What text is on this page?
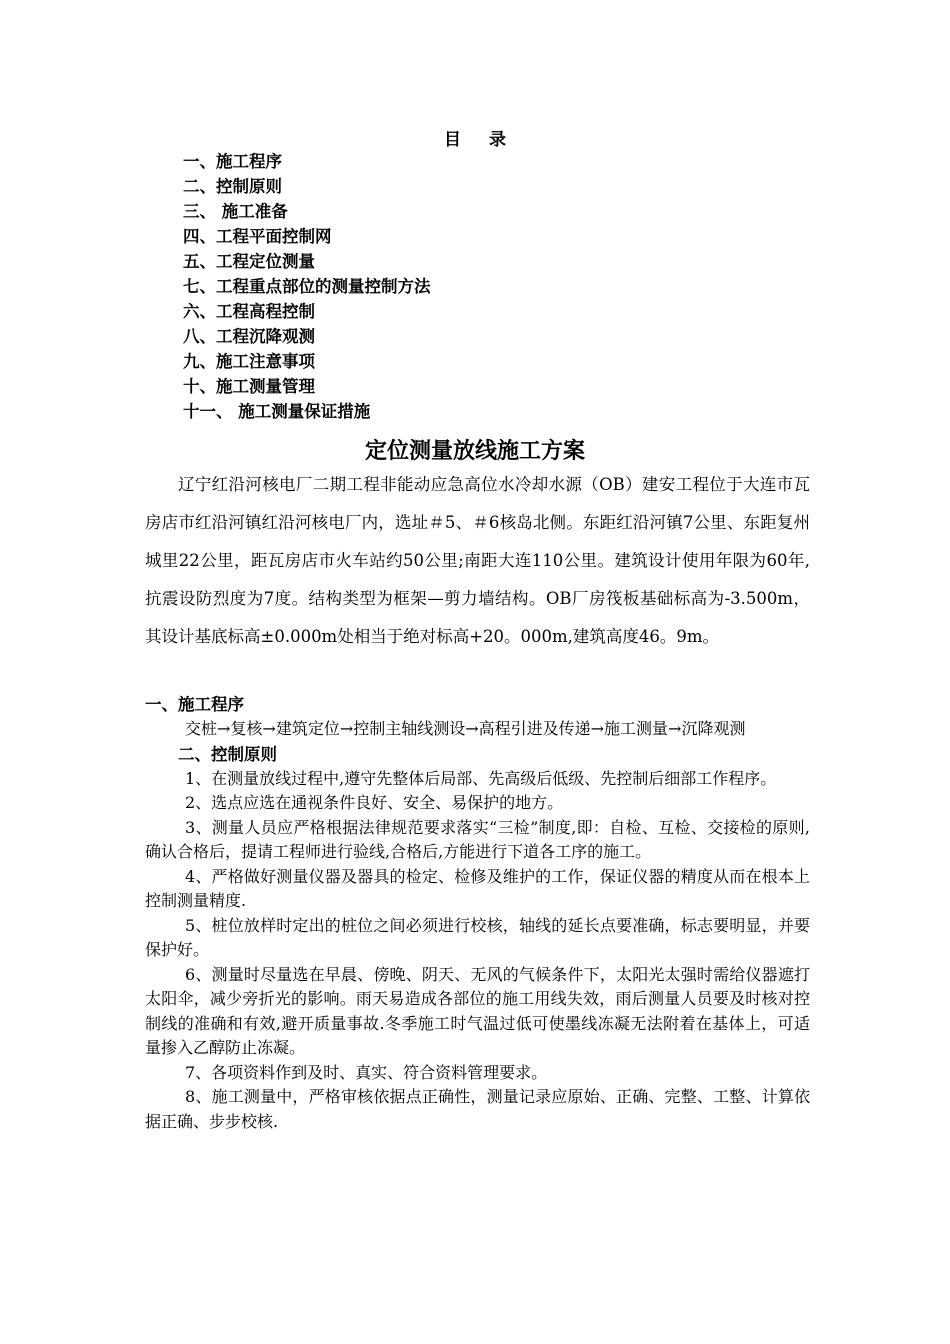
目 录
一、施工程序
二、控制原则
三、 施工准备
四、工程平面控制网
五、工程定位测量
七、工程重点部位的测量控制方法
六、工程高程控制
八、工程沉降观测
九、施工注意事项
十、施工测量管理
十一、 施工测量保证措施
定位测量放线施工方案

辽宁红沿河核电厂二期工程非能动应急高位水冷却水源（OB）建安工程位于大连市瓦房店市红沿河镇红沿河核电厂内，选址＃5、＃6核岛北侧。东距红沿河镇7公里、东距复州城里22公里，距瓦房店市火车站约50公里;南距大连110公里。建筑设计使用年限为60年,抗震设防烈度为7度。结构类型为框架—剪力墙结构。OB厂房筏板基础标高为-3.500m，其设计基底标高±0.000m处相当于绝对标高+20。000m,建筑高度46。9m。

一、施工程序

交桩→复核→建筑定位→控制主轴线测设→高程引进及传递→施工测量→沉降观测

二、控制原则

1、在测量放线过程中,遵守先整体后局部、先高级后低级、先控制后细部工作程序。

2、选点应选在通视条件良好、安全、易保护的地方。

3、测量人员应严格根据法律规范要求落实“三检”制度,即：自检、互检、交接检的原则,确认合格后，提请工程师进行验线,合格后,方能进行下道各工序的施工。

4、严格做好测量仪器及器具的检定、检修及维护的工作，保证仪器的精度从而在根本上控制测量精度.

5、桩位放样时定出的桩位之间必须进行校核，轴线的延长点要准确，标志要明显，并要保护好。

6、测量时尽量选在早晨、傍晚、阴天、无风的气候条件下，太阳光太强时需给仪器遮打太阳伞，减少旁折光的影响。雨天易造成各部位的施工用线失效，雨后测量人员要及时核对控制线的准确和有效,避开质量事故.冬季施工时气温过低可使墨线冻凝无法附着在基体上，可适量掺入乙醇防止冻凝。

7、各项资料作到及时、真实、符合资料管理要求。

8、施工测量中，严格审核依据点正确性，测量记录应原始、正确、完整、工整、计算依据正确、步步校核.
